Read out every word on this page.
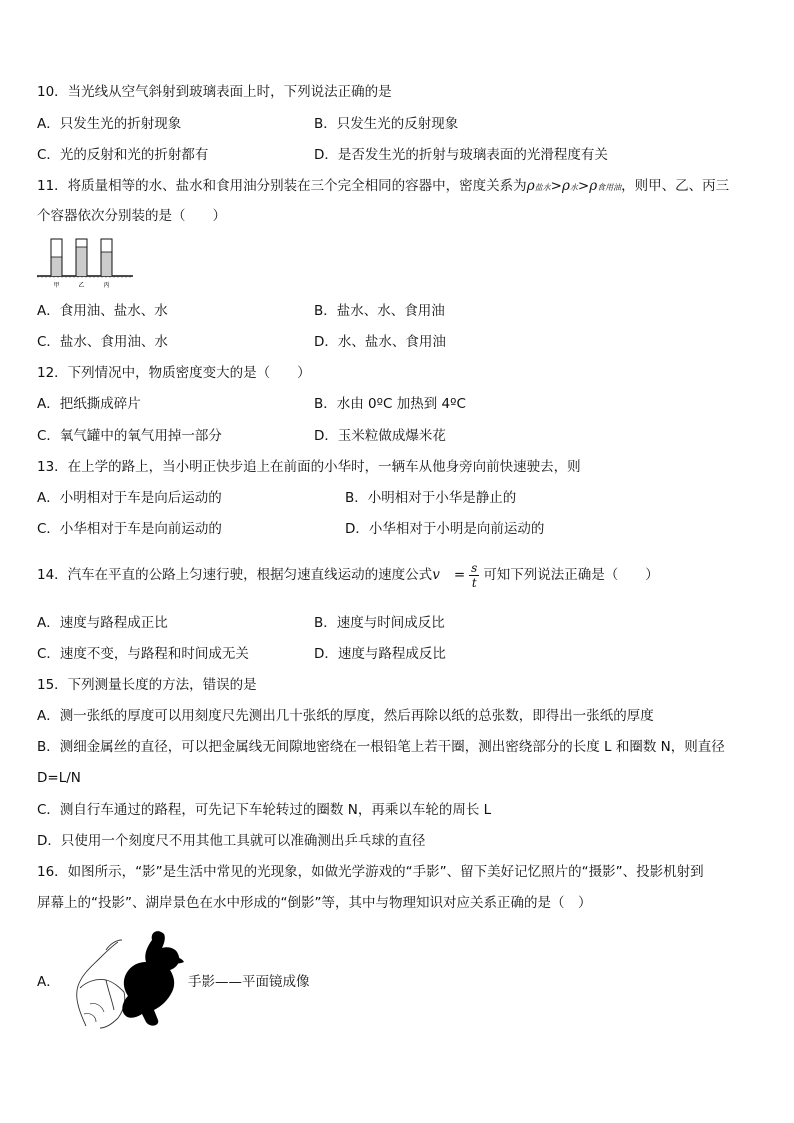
10．当光线从空气斜射到玻璃表面上时，下列说法正确的是
A．只发生光的折射现象	B．只发生光的反射现象
C．光的反射和光的折射都有	D．是否发生光的折射与玻璃表面的光滑程度有关
11．将质量相等的水、盐水和食用油分别装在三个完全相同的容器中，密度关系为ρ盐水>ρ水>ρ食用油，则甲、乙、丙三
个容器依次分别装的是（　　）
甲	乙	丙
A．食用油、盐水、水	B．盐水、水、食用油
C．盐水、食用油、水	D．水、盐水、食用油
12．下列情况中，物质密度变大的是（　　）
A．把纸撕成碎片	B．水由 0ºC 加热到 4ºC
C．氧气罐中的氧气用掉一部分	D．玉米粒做成爆米花
13．在上学的路上，当小明正快步追上在前面的小华时，一辆车从他身旁向前快速驶去，则
A．小明相对于车是向后运动的	B．小明相对于小华是静止的
C．小华相对于车是向前运动的	D．小华相对于小明是向前运动的
14．汽车在平直的公路上匀速行驶，根据匀速直线运动的速度公式$v = \frac{s}{t}$ 可知下列说法正确是（　　）
A．速度与路程成正比	B．速度与时间成反比
C．速度不变，与路程和时间成无关	D．速度与路程成反比
15．下列测量长度的方法，错误的是
A．测一张纸的厚度可以用刻度尺先测出几十张纸的厚度，然后再除以纸的总张数，即得出一张纸的厚度
B．测细金属丝的直径，可以把金属线无间隙地密绕在一根铅笔上若干圈，测出密绕部分的长度 L 和圈数 N，则直径
D=L/N
C．测自行车通过的路程，可先记下车轮转过的圈数 N，再乘以车轮的周长 L
D．只使用一个刻度尺不用其他工具就可以准确测出乒乓球的直径
16．如图所示，“影”是生活中常见的光现象，如做光学游戏的“手影”、留下美好记忆照片的“摄影”、投影机射到
屏幕上的“投影”、湖岸景色在水中形成的“倒影”等，其中与物理知识对应关系正确的是（　）
A．	手影——平面镜成像
